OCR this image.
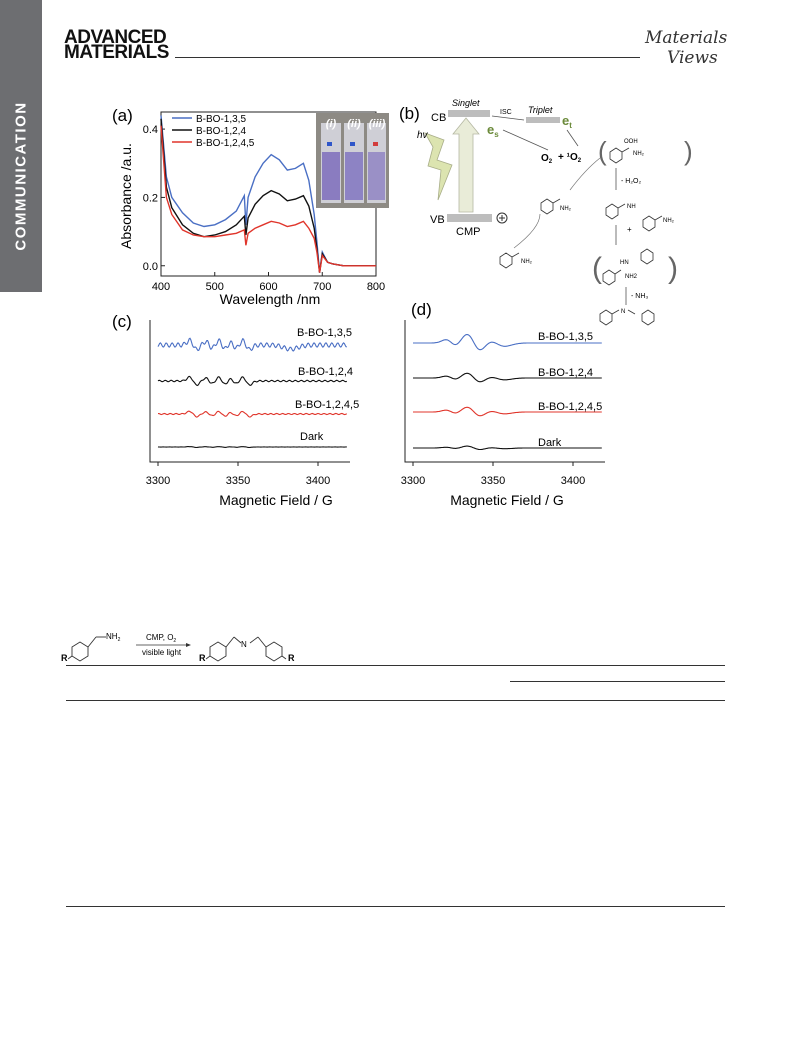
COMMUNICATION
ADVANCED
MATERIALS
Materials
Views
(a)
400	500	600	700	800
0.0
0.2
0.4
B-BO-1,3,5
B-BO-1,2,4
B-BO-1,2,4,5
Wavelength /nm
Absorbance /a.u.
(i) (ii) (iii)
(b) CB
Singlet
VB
CMP
hv	$e_s$
ISC Triplet
$e_t$
$O_2 + ^1O_2$
NH₂
NH₂
(	)
OOH
NH₂
- H₂O₂
NH
+
NH₂
( )
HN
NH2
- NH₃
N
(c)
3300	3350	3400
B-BO-1,3,5
B-BO-1,2,4
B-BO-1,2,4,5
Dark
Magnetic Field / G
(d)
3300	3350	3400
B-BO-1,3,5
B-BO-1,2,4
B-BO-1,2,4,5
Dark
Magnetic Field / G
R
$NH_2$	CMP, $O_2$
visible light
N
R	R
